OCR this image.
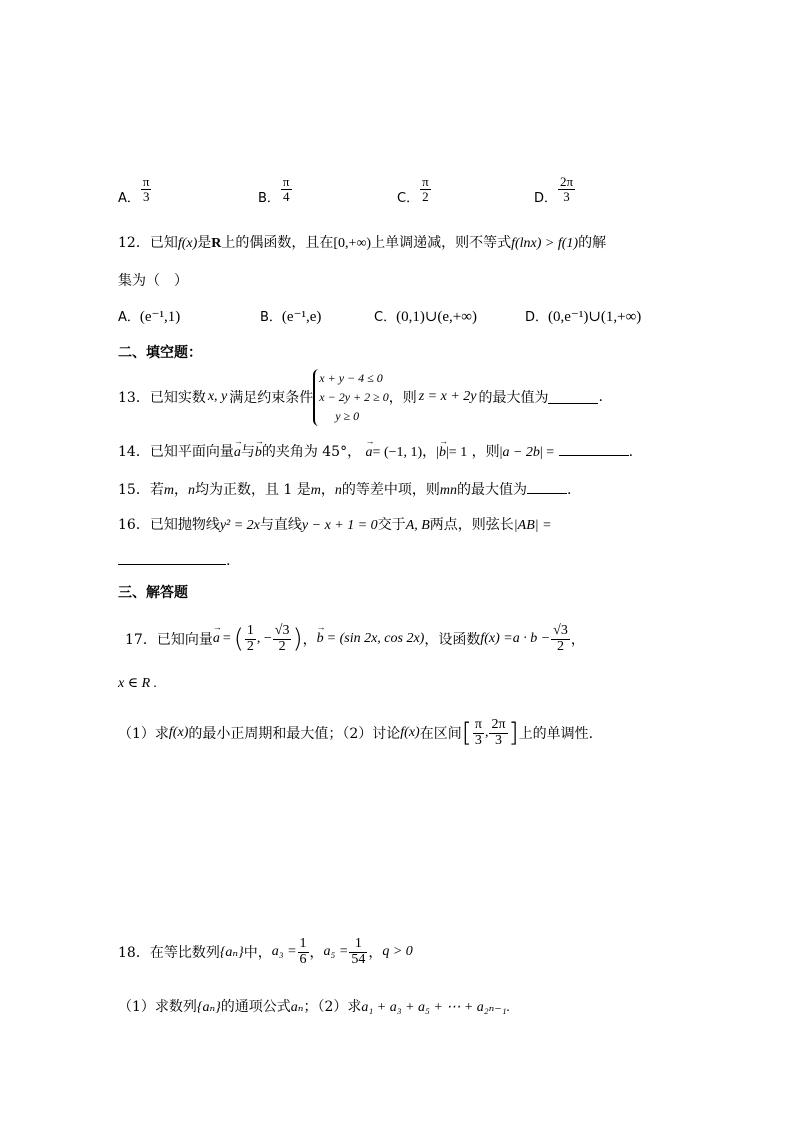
A． $\frac{\pi}{3}$	B． $\frac{\pi}{4}$	C． $\frac{\pi}{2}$	D． $\frac{2\pi}{3}$
12．已知f(x)是R上的偶函数，且在[0,+∞)上单调递减，则不等式f(lnx) > f(1)的解
集为（　）
A．(e⁻¹,1)	B．(e⁻¹,e)	C．(0,1)∪(e,+∞)	D．(0,e⁻¹)∪(1,+∞)
二、填空题：
13．已知实数 x, y 满足约束条件
x + y − 4 ≤ 0
x − 2y + 2 ≥ 0
y ≥ 0
，则 z = x + 2y 的最大值为	.
14．已知平面向量→ a与→ b的夹角为 45°， → a= (−1, 1)，|→ b|= 1 ，则|a − 2b| =	.
15．若m，n均为正数，且 1 是m，n的等差中项，则mn的最大值为	.
16．已知抛物线y² = 2x与直线y − x + 1 = 0交于A, B两点，则弦长|AB| =
.
三、解答题
17．已知向量 → a = ( $\frac{1}{2}$ , − $\frac{√3}{2}$ ) ， → b = (sin 2x, cos 2x) ，设函数 $f(x) = a \cdot b - \frac{√3}{2}$ ，
x ∈ R .
（1）求 f(x) 的最小正周期和最大值；（2）讨论 f(x) 在区间 [ $\frac{\pi}{3}$ , $\frac{2\pi}{3}$ ] 上的单调性.
18．在等比数列 {aₙ} 中， $a_3 = \frac{1}{6}$ ， $a_5 = \frac{1}{54}$ ， q > 0
（1）求数列{aₙ}的通项公式aₙ；（2）求a₁ + a₃ + a₅ + ⋯ + a₂ₙ₋₁.
